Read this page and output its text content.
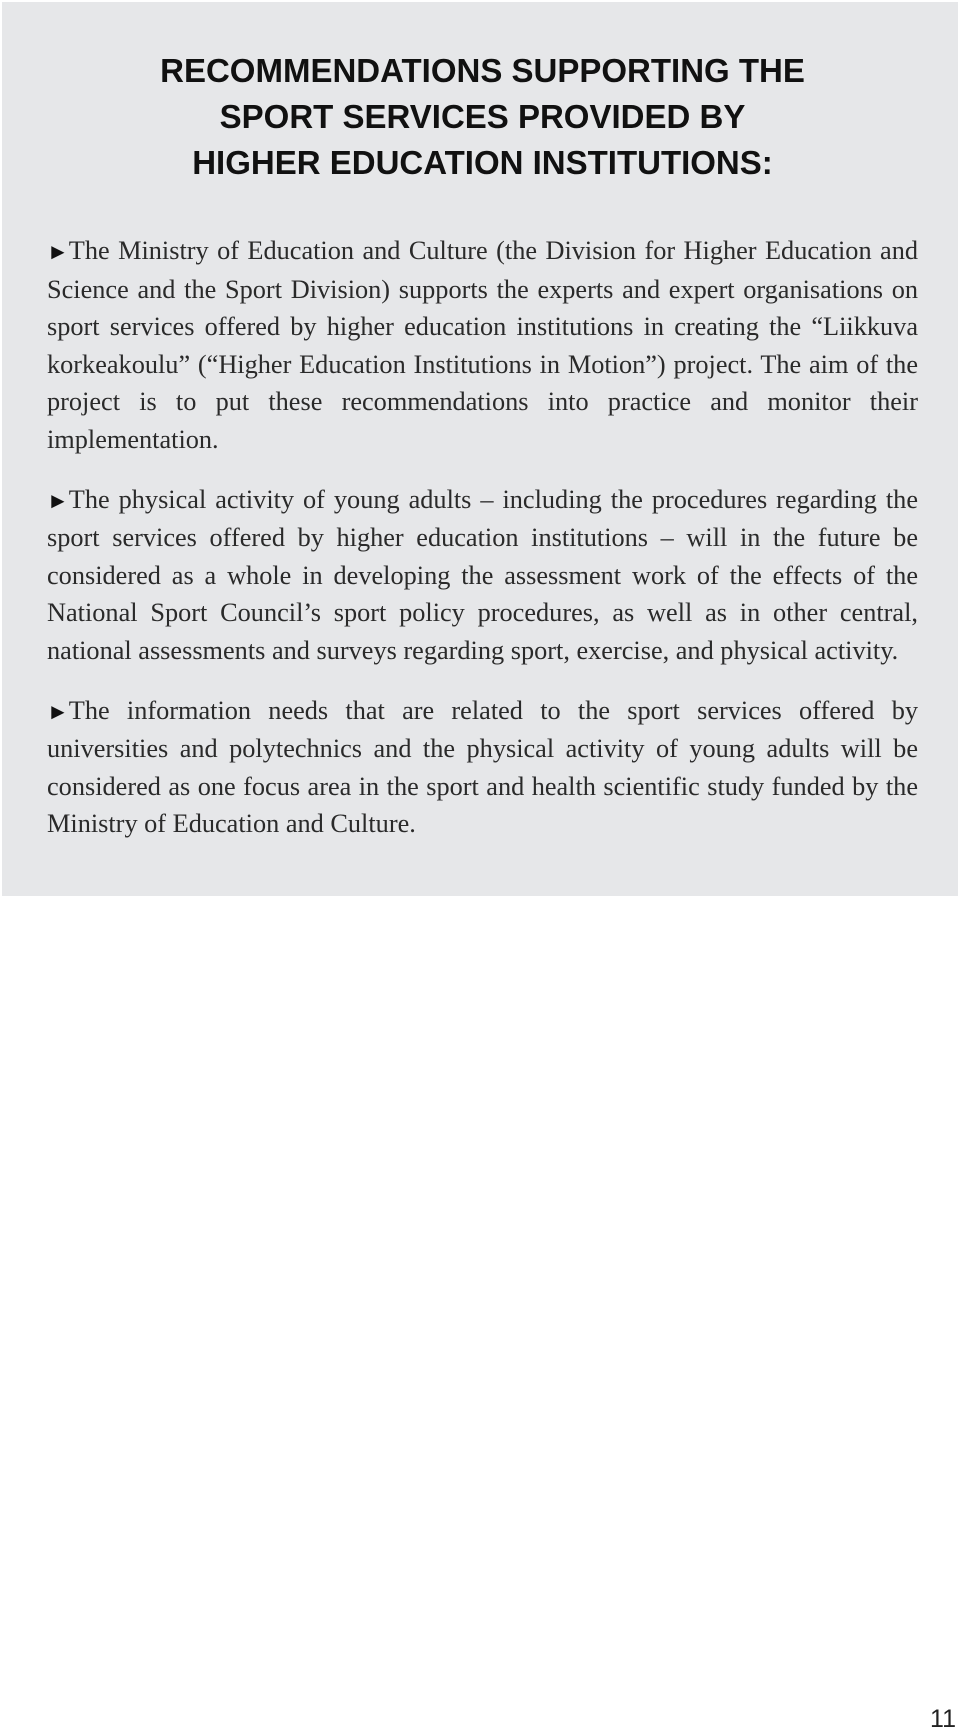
RECOMMENDATIONS SUPPORTING THE
SPORT SERVICES PROVIDED BY
HIGHER EDUCATION INSTITUTIONS:

►The Ministry of Education and Culture (the Division for Higher Education and Science and the Sport Division) supports the experts and expert organisations on sport services offered by higher education institutions in creating the “Liikkuva korkeakoulu” (“Higher Education Institutions in Motion”) project. The aim of the project is to put these recommendations into practice and monitor their implementation.

►The physical activity of young adults – including the procedures regarding the sport services offered by higher education institutions – will in the future be considered as a whole in developing the assessment work of the effects of the National Sport Council’s sport policy procedures, as well as in other central, national assessments and surveys regarding sport, exercise, and physical activity.

►The information needs that are related to the sport services offered by universities and polytechnics and the physical activity of young adults will be considered as one focus area in the sport and health scientific study funded by the Ministry of Education and Culture.

11
